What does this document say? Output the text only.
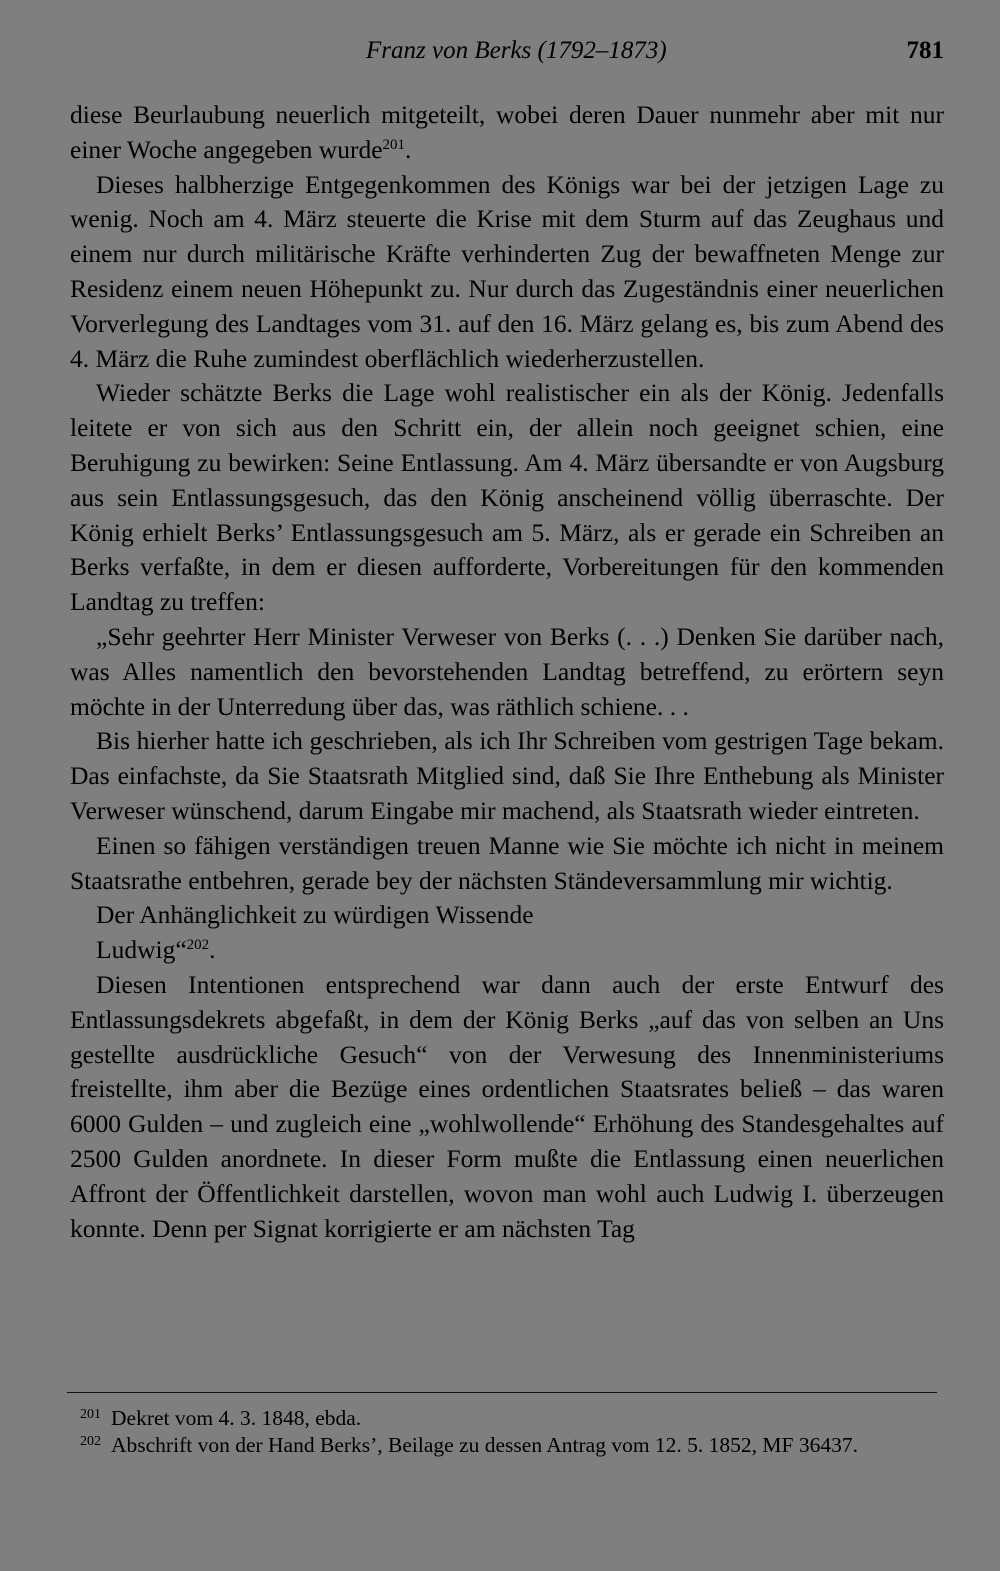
Franz von Berks (1792–1873)	781

diese Beurlaubung neuerlich mitgeteilt, wobei deren Dauer nunmehr aber mit nur einer Woche angegeben wurde$^{201}$.

Dieses halbherzige Entgegenkommen des Königs war bei der jetzigen Lage zu wenig. Noch am 4. März steuerte die Krise mit dem Sturm auf das Zeughaus und einem nur durch militärische Kräfte verhinderten Zug der bewaffneten Menge zur Residenz einem neuen Höhepunkt zu. Nur durch das Zugeständnis einer neuerlichen Vorverlegung des Landtages vom 31. auf den 16. März gelang es, bis zum Abend des 4. März die Ruhe zumindest oberflächlich wiederherzustellen.

Wieder schätzte Berks die Lage wohl realistischer ein als der König. Jedenfalls leitete er von sich aus den Schritt ein, der allein noch geeignet schien, eine Beruhigung zu bewirken: Seine Entlassung. Am 4. März übersandte er von Augsburg aus sein Entlassungsgesuch, das den König anscheinend völlig überraschte. Der König erhielt Berks’ Entlassungsgesuch am 5. März, als er gerade ein Schreiben an Berks verfaßte, in dem er diesen aufforderte, Vorbereitungen für den kommenden Landtag zu treffen:

„Sehr geehrter Herr Minister Verweser von Berks (. . .) Denken Sie darüber nach, was Alles namentlich den bevorstehenden Landtag betreffend, zu erörtern seyn möchte in der Unterredung über das, was räthlich schiene. . .

Bis hierher hatte ich geschrieben, als ich Ihr Schreiben vom gestrigen Tage bekam. Das einfachste, da Sie Staatsrath Mitglied sind, daß Sie Ihre Enthebung als Minister Verweser wünschend, darum Eingabe mir machend, als Staatsrath wieder eintreten.

Einen so fähigen verständigen treuen Manne wie Sie möchte ich nicht in meinem Staatsrathe entbehren, gerade bey der nächsten Ständeversammlung mir wichtig.

Der Anhänglichkeit zu würdigen Wissende

Ludwig“$^{202}$.

Diesen Intentionen entsprechend war dann auch der erste Entwurf des Entlassungsdekrets abgefaßt, in dem der König Berks „auf das von selben an Uns gestellte ausdrückliche Gesuch“ von der Verwesung des Innenministeriums freistellte, ihm aber die Bezüge eines ordentlichen Staatsrates beließ – das waren 6000 Gulden – und zugleich eine „wohlwollende“ Erhöhung des Standesgehaltes auf 2500 Gulden anordnete. In dieser Form mußte die Entlassung einen neuerlichen Affront der Öffentlichkeit darstellen, wovon man wohl auch Ludwig I. überzeugen konnte. Denn per Signat korrigierte er am nächsten Tag

$^{201}$ Dekret vom 4. 3. 1848, ebda.

$^{202}$ Abschrift von der Hand Berks’, Beilage zu dessen Antrag vom 12. 5. 1852, MF 36437.
